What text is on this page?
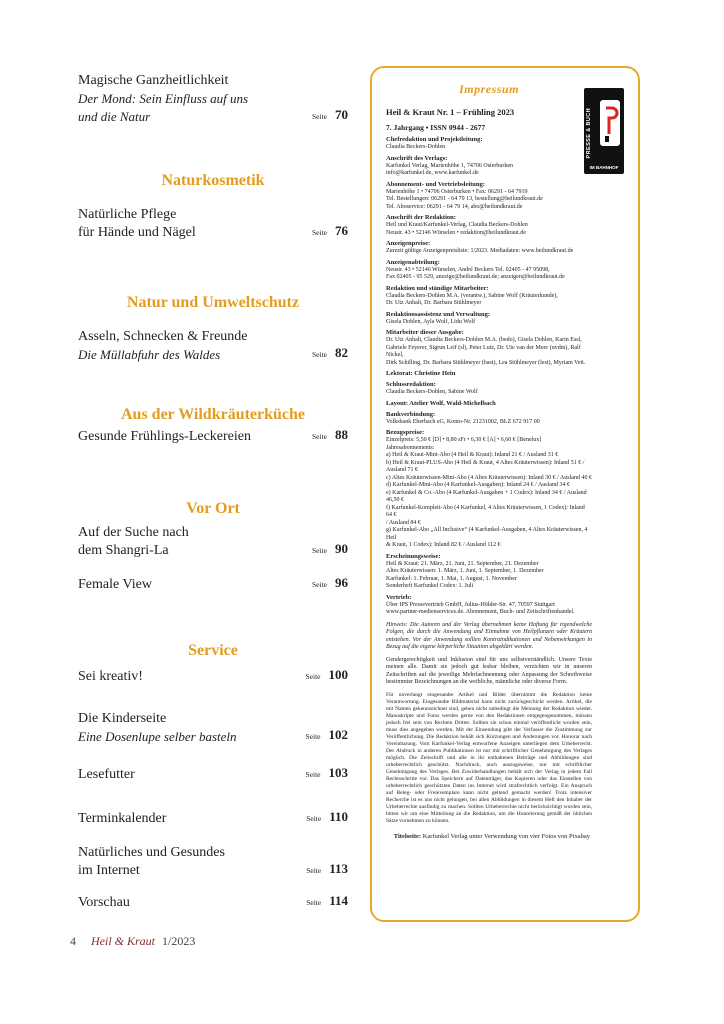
Magische Ganzheitlichkeit
Der Mond: Sein Einfluss auf uns
und die Natur	Seite 70
Naturkosmetik
Natürliche Pflege
für Hände und Nägel	Seite 76
Natur und Umweltschutz
Asseln, Schnecken & Freunde
Die Müllabfuhr des Waldes	Seite 82
Aus der Wildkräuterküche
Gesunde Frühlings-Leckereien	Seite 88
Vor Ort
Auf der Suche nach
dem Shangri-La	Seite 90
Female View	Seite 96
Service
Sei kreativ!	Seite 100
Die Kinderseite
Eine Dosenlupe selber basteln	Seite 102
Lesefutter	Seite 103
Terminkalender	Seite 110
Natürliches und Gesundes
im Internet	Seite 113
Vorschau	Seite 114
4 Heil & Kraut 1/2023
PRESSE & BUCH
IM BAHNHOF
Impressum
Heil & Kraut Nr. 1 – Frühling 2023
7. Jahrgang • ISSN 0944 - 2677
Chefredaktion und Projektleitung:
Claudia Beckers-Dohlen
Anschrift des Verlags:
Karfunkel Verlag, Marienhöhe 1, 74706 Osterburken
info@karfunkel.de, www.karfunkel.de
Abonnement- und Vertriebsleitung:
Marienhöhe 1 • 74706 Osterburken • Fax: 06291 - 64 7919
Tel. Bestellungen: 06291 - 64 79 13, bestellung@heilundkraut.de
Tel. Aboservice: 06291 - 64 79 14, abo@heilundkraut.de
Anschrift der Redaktion:
Heil und Kraut/Karfunkel-Verlag, Claudia Beckers-Dohlen
Neustr. 43 • 52146 Würselen • redaktion@heilundkraut.de
Anzeigenpreise:
Zurzeit gültige Anzeigenpreisliste: 1/2023. Mediadaten: www.heilundkraut.de
Anzeigenabteilung:
Neustr. 43 • 52146 Würselen, André Beckers Tel. 02405 - 47 95098,
Fax 02405 - 95 529, anzeige@heilundkraut.de; anzeigen@heilundkraut.de
Redaktion und ständige Mitarbeiter:
Claudia Beckers-Dohlen M.A. (verantw.), Sabine Wolf (Kräuterkunde),
Dr. Utz Anhalt, Dr. Barbara Stühlmeyer
Redaktionsassistenz und Verwaltung:
Gisela Dohlen, Ayla Wolf, Lidu Wolf
Mitarbeiter dieser Ausgabe:
Dr. Utz Anhalt, Claudia Beckers-Dohlen M.A. (bedo), Gisela Dohlen, Karin Essl,
Gabriele Feyerer, Sigrun Leif (sl), Peter Lutz, Dr. Ute van der Meer (uvdm), Ralf Nickel,
Dirk Schilling, Dr. Barbara Stühlmeyer (bast), Lea Stühlmeyer (lest), Myriam Veit.
Lektorat: Christine Hein
Schlussredaktion:
Claudia Beckers-Dohlen, Sabine Wolf
Layout: Atelier Wolf, Wald-Michelbach
Bankverbindung:
Volksbank Eberbach eG, Konto-Nr. 21231002, BLZ 672 917 00
Bezugspreise:
Einzelpreis: 5,50 € [D] • 8,80 sFr • 6,30 € [A] • 6,60 € [Benelux]
Jahresabonnements:
a) Heil & Kraut-Mini-Abo (4 Heil & Kraut): Inland 21 € / Ausland 31 €
b) Heil & Kraut-PLUS-Abo (4 Heil & Kraut, 4 Altes Kräuterwissen): Inland 51 € / Ausland 71 €
c) Altes Kräuterwissen-Mini-Abo (4 Altes Kräuterwissen): Inland 30 € / Ausland 40 €
d) Karfunkel-Mini-Abo (4 Karfunkel-Ausgaben): Inland 24 € / Ausland 34 €
e) Karfunkel & Co.-Abo (4 Karfunkel-Ausgaben + 1 Codex): Inland 34 € / Ausland 46,50 €
f) Karfunkel-Komplett-Abo (4 Karfunkel, 4 Altes Kräuterwissen, 1 Codex): Inland 64 €
/ Ausland 84 €
g) Karfunkel-Abo „All Inclusive“ (4 Karfunkel-Ausgaben, 4 Altes Kräuterwissen, 4 Heil
& Kraut, 1 Codex): Inland 82 € / Ausland 112 €
Erscheinungsweise:
Heil & Kraut: 21. März, 21. Juni, 21. September, 21. Dezember
Altes Kräuterwissen: 1. März, 1. Juni, 1. September, 1. Dezember
Karfunkel: 1. Februar, 1. Mai, 1. August, 1. November
Sonderheft Karfunkel Codex: 1. Juli
Vertrieb:
Über IPS Pressevertrieb GmbH, Julius-Hölder-Str. 47, 70597 Stuttgart
www.partner-medienservices.de. Abonnement, Buch- und Zeitschriftenhandel.
Hinweis: Die Autoren und der Verlag übernehmen keine Haftung für irgendwelche Folgen, die durch die Anwendung und Einnahme von Heilpflanzen oder Kräutern entstehen. Vor der Anwendung sollten Kontraindikationen und Nebenwirkungen in Bezug auf die eigene körperliche Situation abgeklärt werden.
Gendergerechtigkeit und Inklusion sind für uns selbstverständlich. Unsere Texte meinen alle. Damit sie jedoch gut lesbar bleiben, verzichten wir in unseren Zeitschriften auf die jeweilige Mehrfachnennung oder Anpassung der Schreibweise bestimmter Bezeichnungen an die weibliche, männliche oder diverse Form.
Für unverlangt eingesandte Artikel und Bilder übernimmt die Redaktion keine Verantwortung. Eingesandte Bildmaterial kann nicht zurückgeschickt werden. Artikel, die mit Namen gekennzeichnet sind, geben nicht unbedingt die Meinung der Redaktion wieder. Manuskripte und Fotos werden gerne von den Redaktionen entgegengenommen, müssen jedoch frei sein von Rechten Dritter. Sollten sie schon einmal veröffentlicht worden sein, muss dies angegeben werden. Mit der Einsendung gibt der Verfasser die Zustimmung zur Veröffentlichung. Die Redaktion behält sich Kürzungen und Änderungen vor. Honorar nach Vereinbarung. Vom Karfunkel-Verlag entworfene Anzeigen unterliegen dem Urheberrecht. Der Abdruck in anderen Publikationen ist nur mit schriftlicher Genehmigung des Verlages möglich. Die Zeitschrift und alle in ihr enthaltenen Beiträge und Abbildungen sind urheberrechtlich geschützt. Nachdruck, auch auszugsweise, nur mit schriftlicher Genehmigung des Verlages. Bei Zuwiderhandlungen behält sich der Verlag in jedem Fall Rechtsschritte vor. Das Speichern auf Datenträger, das Kopieren oder das Einstellen von urheberrechtlich geschützten Daten ins Internet wird strafrechtlich verfolgt. Ein Anspruch auf Beleg- oder Freiexemplare kann nicht geltend gemacht werden! Trotz intensiver Recherche ist es uns nicht gelungen, bei allen Abbildungen in diesem Heft den Inhaber der Urheberrechte ausfindig zu machen. Sollten Urheberrechte nicht berücksichtigt worden sein, bitten wir um eine Mitteilung an die Redaktion, um die Honorierung gemäß der üblichen Sätze vornehmen zu können.
Titelseite: Karfunkel Verlag unter Verwendung von vier Fotos von Pixabay
